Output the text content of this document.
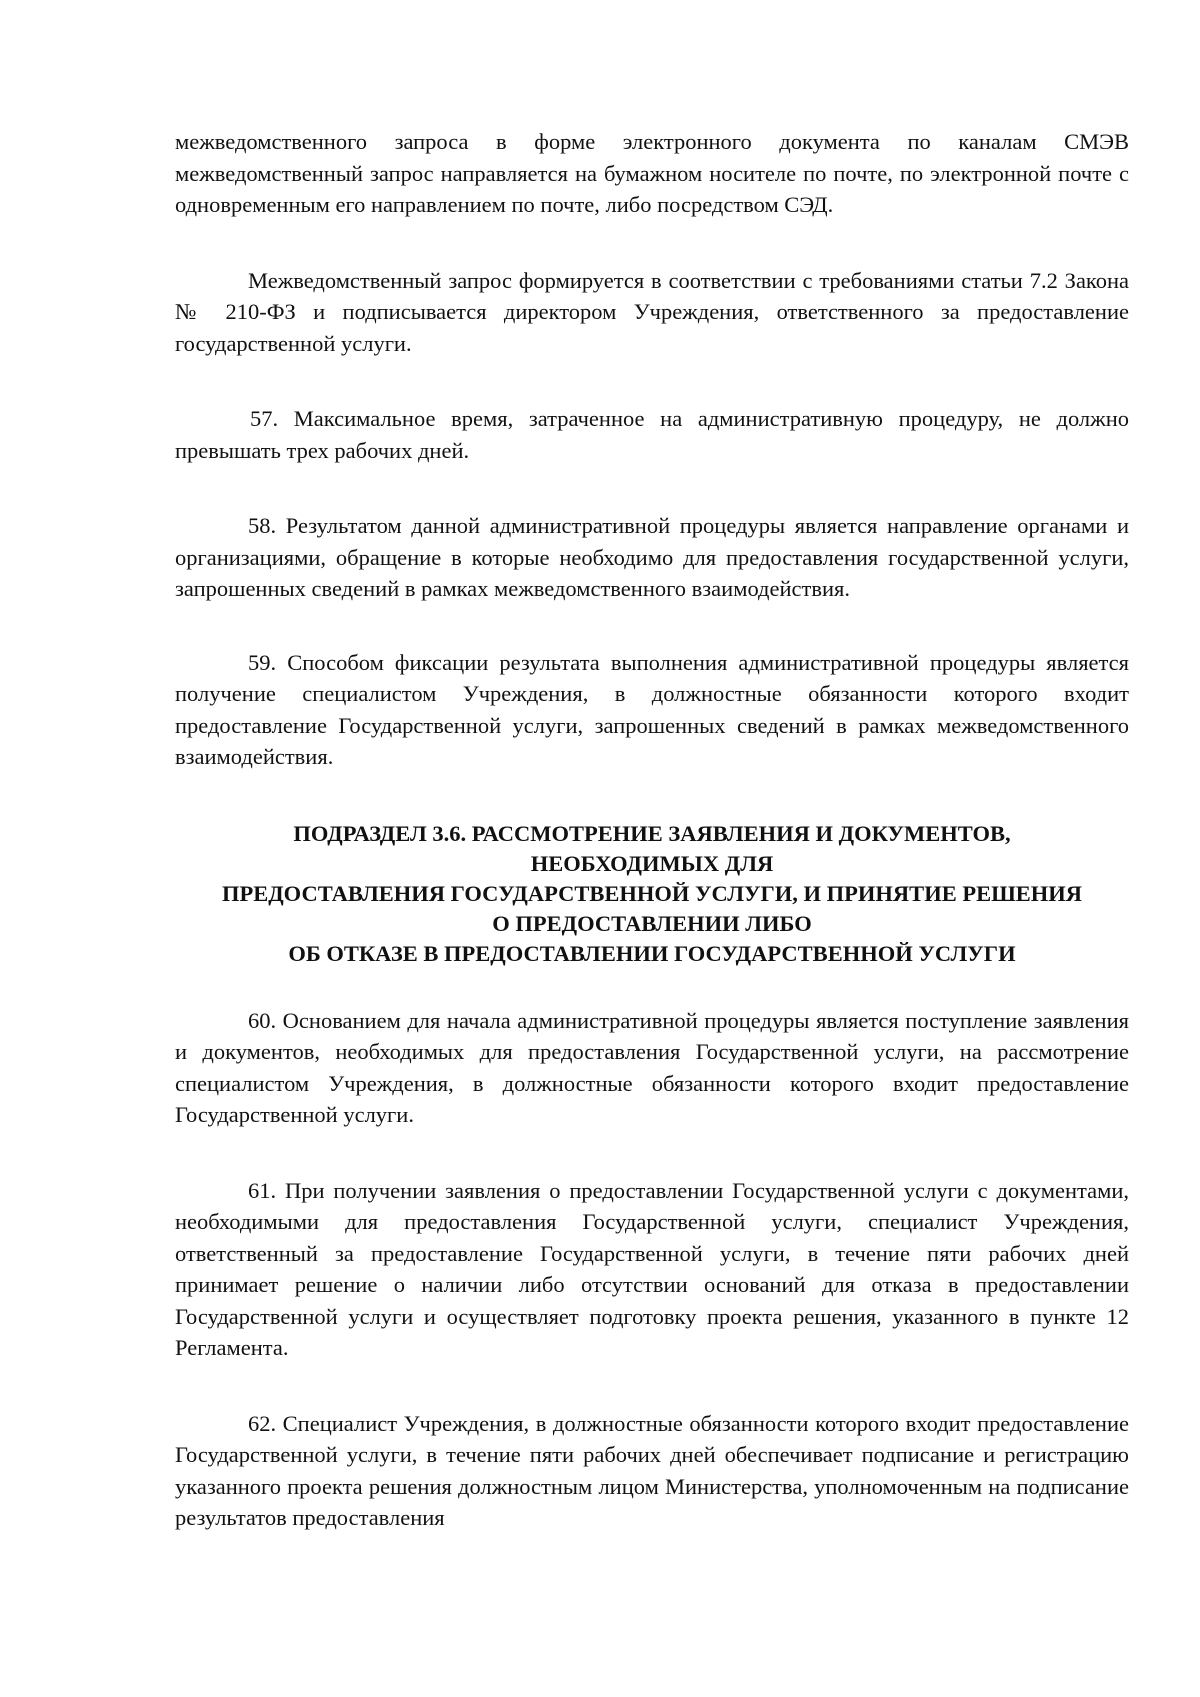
межведомственного запроса в форме электронного документа по каналам СМЭВ межведомственный запрос направляется на бумажном носителе по почте, по электронной почте с одновременным его направлением по почте, либо посредством СЭД.

Межведомственный запрос формируется в соответствии с требованиями статьи 7.2 Закона № 210-ФЗ и подписывается директором Учреждения, ответственного за предоставление государственной услуги.

57. Максимальное время, затраченное на административную процедуру, не должно превышать трех рабочих дней.

58. Результатом данной административной процедуры является направление органами и организациями, обращение в которые необходимо для предоставления государственной услуги, запрошенных сведений в рамках межведомственного взаимодействия.

59. Способом фиксации результата выполнения административной процедуры является получение специалистом Учреждения, в должностные обязанности которого входит предоставление Государственной услуги, запрошенных сведений в рамках межведомственного взаимодействия.

ПОДРАЗДЕЛ 3.6. РАССМОТРЕНИЕ ЗАЯВЛЕНИЯ И ДОКУМЕНТОВ,
НЕОБХОДИМЫХ ДЛЯ
ПРЕДОСТАВЛЕНИЯ ГОСУДАРСТВЕННОЙ УСЛУГИ, И ПРИНЯТИЕ РЕШЕНИЯ
О ПРЕДОСТАВЛЕНИИ ЛИБО
ОБ ОТКАЗЕ В ПРЕДОСТАВЛЕНИИ ГОСУДАРСТВЕННОЙ УСЛУГИ

60. Основанием для начала административной процедуры является поступление заявления и документов, необходимых для предоставления Государственной услуги, на рассмотрение специалистом Учреждения, в должностные обязанности которого входит предоставление Государственной услуги.

61. При получении заявления о предоставлении Государственной услуги с документами, необходимыми для предоставления Государственной услуги, специалист Учреждения, ответственный за предоставление Государственной услуги, в течение пяти рабочих дней принимает решение о наличии либо отсутствии оснований для отказа в предоставлении Государственной услуги и осуществляет подготовку проекта решения, указанного в пункте 12 Регламента.

62. Специалист Учреждения, в должностные обязанности которого входит предоставление Государственной услуги, в течение пяти рабочих дней обеспечивает подписание и регистрацию указанного проекта решения должностным лицом Министерства, уполномоченным на подписание результатов предоставления
